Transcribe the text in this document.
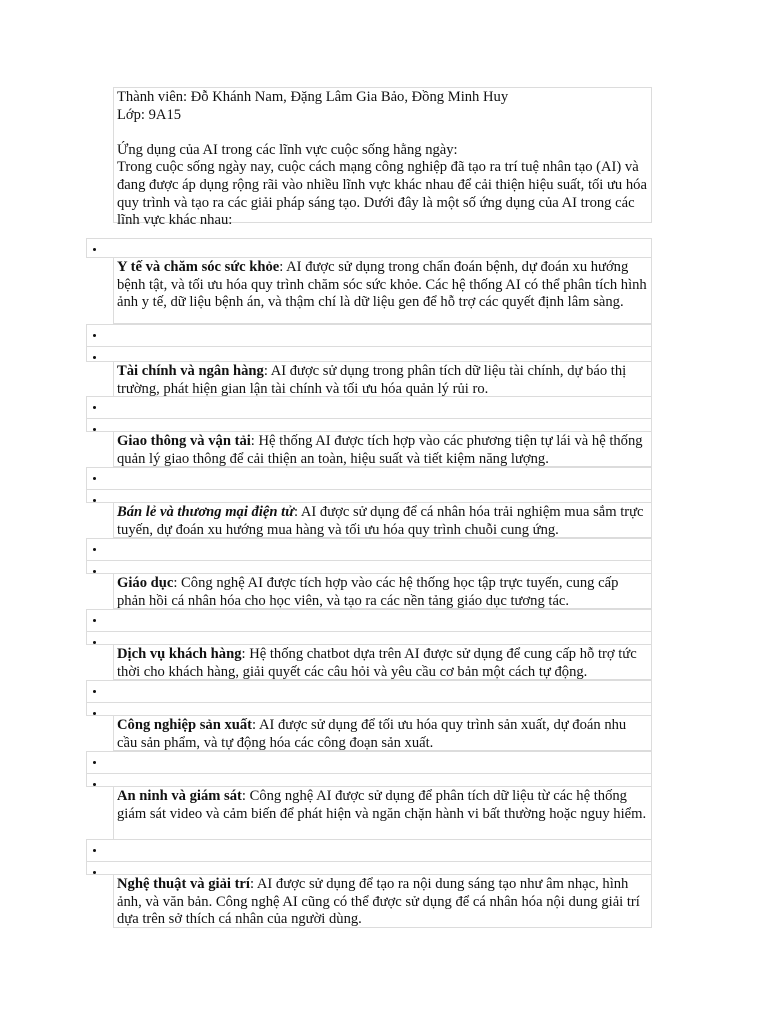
Thành viên: Đỗ Khánh Nam, Đặng Lâm Gia Bảo, Đồng Minh Huy
Lớp: 9A15
Ứng dụng của AI trong các lĩnh vực cuộc sống hằng ngày:
Trong cuộc sống ngày nay, cuộc cách mạng công nghiệp đã tạo ra trí tuệ nhân tạo (AI) và đang được áp dụng rộng rãi vào nhiều lĩnh vực khác nhau để cải thiện hiệu suất, tối ưu hóa quy trình và tạo ra các giải pháp sáng tạo. Dưới đây là một số ứng dụng của AI trong các lĩnh vực khác nhau:
Y tế và chăm sóc sức khỏe: AI được sử dụng trong chẩn đoán bệnh, dự đoán xu hướng bệnh tật, và tối ưu hóa quy trình chăm sóc sức khỏe. Các hệ thống AI có thể phân tích hình ảnh y tế, dữ liệu bệnh án, và thậm chí là dữ liệu gen để hỗ trợ các quyết định lâm sàng.
Tài chính và ngân hàng: AI được sử dụng trong phân tích dữ liệu tài chính, dự báo thị trường, phát hiện gian lận tài chính và tối ưu hóa quản lý rủi ro.
Giao thông và vận tải: Hệ thống AI được tích hợp vào các phương tiện tự lái và hệ thống quản lý giao thông để cải thiện an toàn, hiệu suất và tiết kiệm năng lượng.
Bán lẻ và thương mại điện tử: AI được sử dụng để cá nhân hóa trải nghiệm mua sắm trực tuyến, dự đoán xu hướng mua hàng và tối ưu hóa quy trình chuỗi cung ứng.
Giáo dục: Công nghệ AI được tích hợp vào các hệ thống học tập trực tuyến, cung cấp phản hồi cá nhân hóa cho học viên, và tạo ra các nền tảng giáo dục tương tác.
Dịch vụ khách hàng: Hệ thống chatbot dựa trên AI được sử dụng để cung cấp hỗ trợ tức thời cho khách hàng, giải quyết các câu hỏi và yêu cầu cơ bản một cách tự động.
Công nghiệp sản xuất: AI được sử dụng để tối ưu hóa quy trình sản xuất, dự đoán nhu cầu sản phẩm, và tự động hóa các công đoạn sản xuất.
An ninh và giám sát: Công nghệ AI được sử dụng để phân tích dữ liệu từ các hệ thống giám sát video và cảm biến để phát hiện và ngăn chặn hành vi bất thường hoặc nguy hiểm.
Nghệ thuật và giải trí: AI được sử dụng để tạo ra nội dung sáng tạo như âm nhạc, hình ảnh, và văn bản. Công nghệ AI cũng có thể được sử dụng để cá nhân hóa nội dung giải trí dựa trên sở thích cá nhân của người dùng.
